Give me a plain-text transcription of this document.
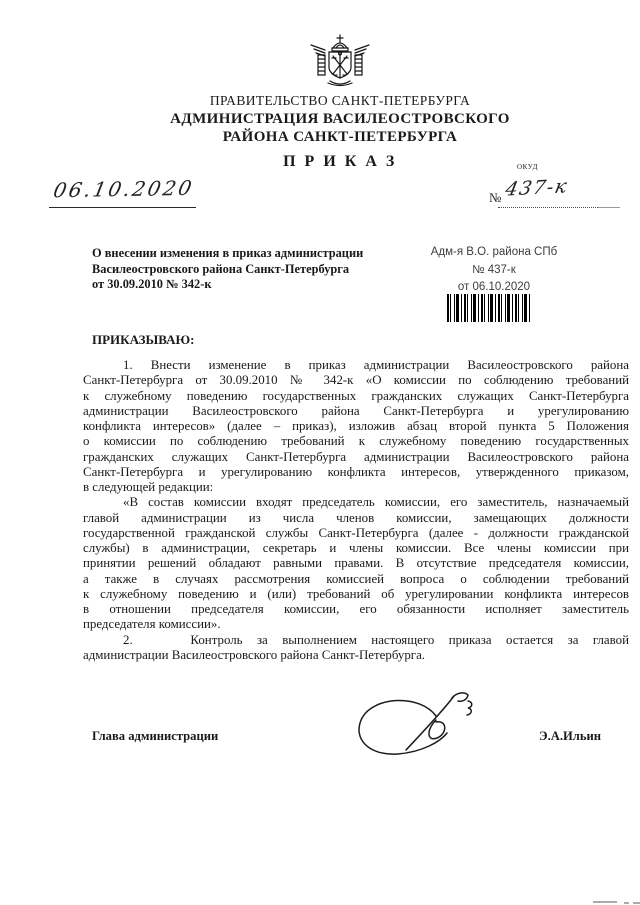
ПРАВИТЕЛЬСТВО САНКТ-ПЕТЕРБУРГА
АДМИНИСТРАЦИЯ ВАСИЛЕОСТРОВСКОГО
РАЙОНА САНКТ-ПЕТЕРБУРГА
П Р И К А З	ОКУД
06.10.2020	№ 437-к
О внесении изменения в приказ администрации
Василеостровского района Санкт-Петербурга
от 30.09.2010 № 342-к
Адм-я В.О. района СПб
№ 437-к
от 06.10.2020
ПРИКАЗЫВАЮ:
1. Внести изменение в приказ администрации Василеостровского района
Санкт-Петербурга от 30.09.2010 № 342-к «О комиссии по соблюдению требований
к служебному поведению государственных гражданских служащих Санкт-Петербурга
администрации Василеостровского района Санкт-Петербурга и урегулированию
конфликта интересов» (далее – приказ), изложив абзац второй пункта 5 Положения
о комиссии по соблюдению требований к служебному поведению государственных
гражданских служащих Санкт-Петербурга администрации Василеостровского района
Санкт-Петербурга и урегулированию конфликта интересов, утвержденного приказом,
в следующей редакции:
«В состав комиссии входят председатель комиссии, его заместитель, назначаемый
главой администрации из числа членов комиссии, замещающих должности
государственной гражданской службы Санкт-Петербурга (далее - должности гражданской
службы) в администрации, секретарь и члены комиссии. Все члены комиссии при
принятии решений обладают равными правами. В отсутствие председателя комиссии,
а также в случаях рассмотрения комиссией вопроса о соблюдении требований
к служебному поведению и (или) требований об урегулировании конфликта интересов
в отношении председателя комиссии, его обязанности исполняет заместитель
председателя комиссии».
2.    Контроль за выполнением настоящего приказа остается за главой
администрации Василеостровского района Санкт-Петербурга.
Глава администрации	Э.А.Ильин
